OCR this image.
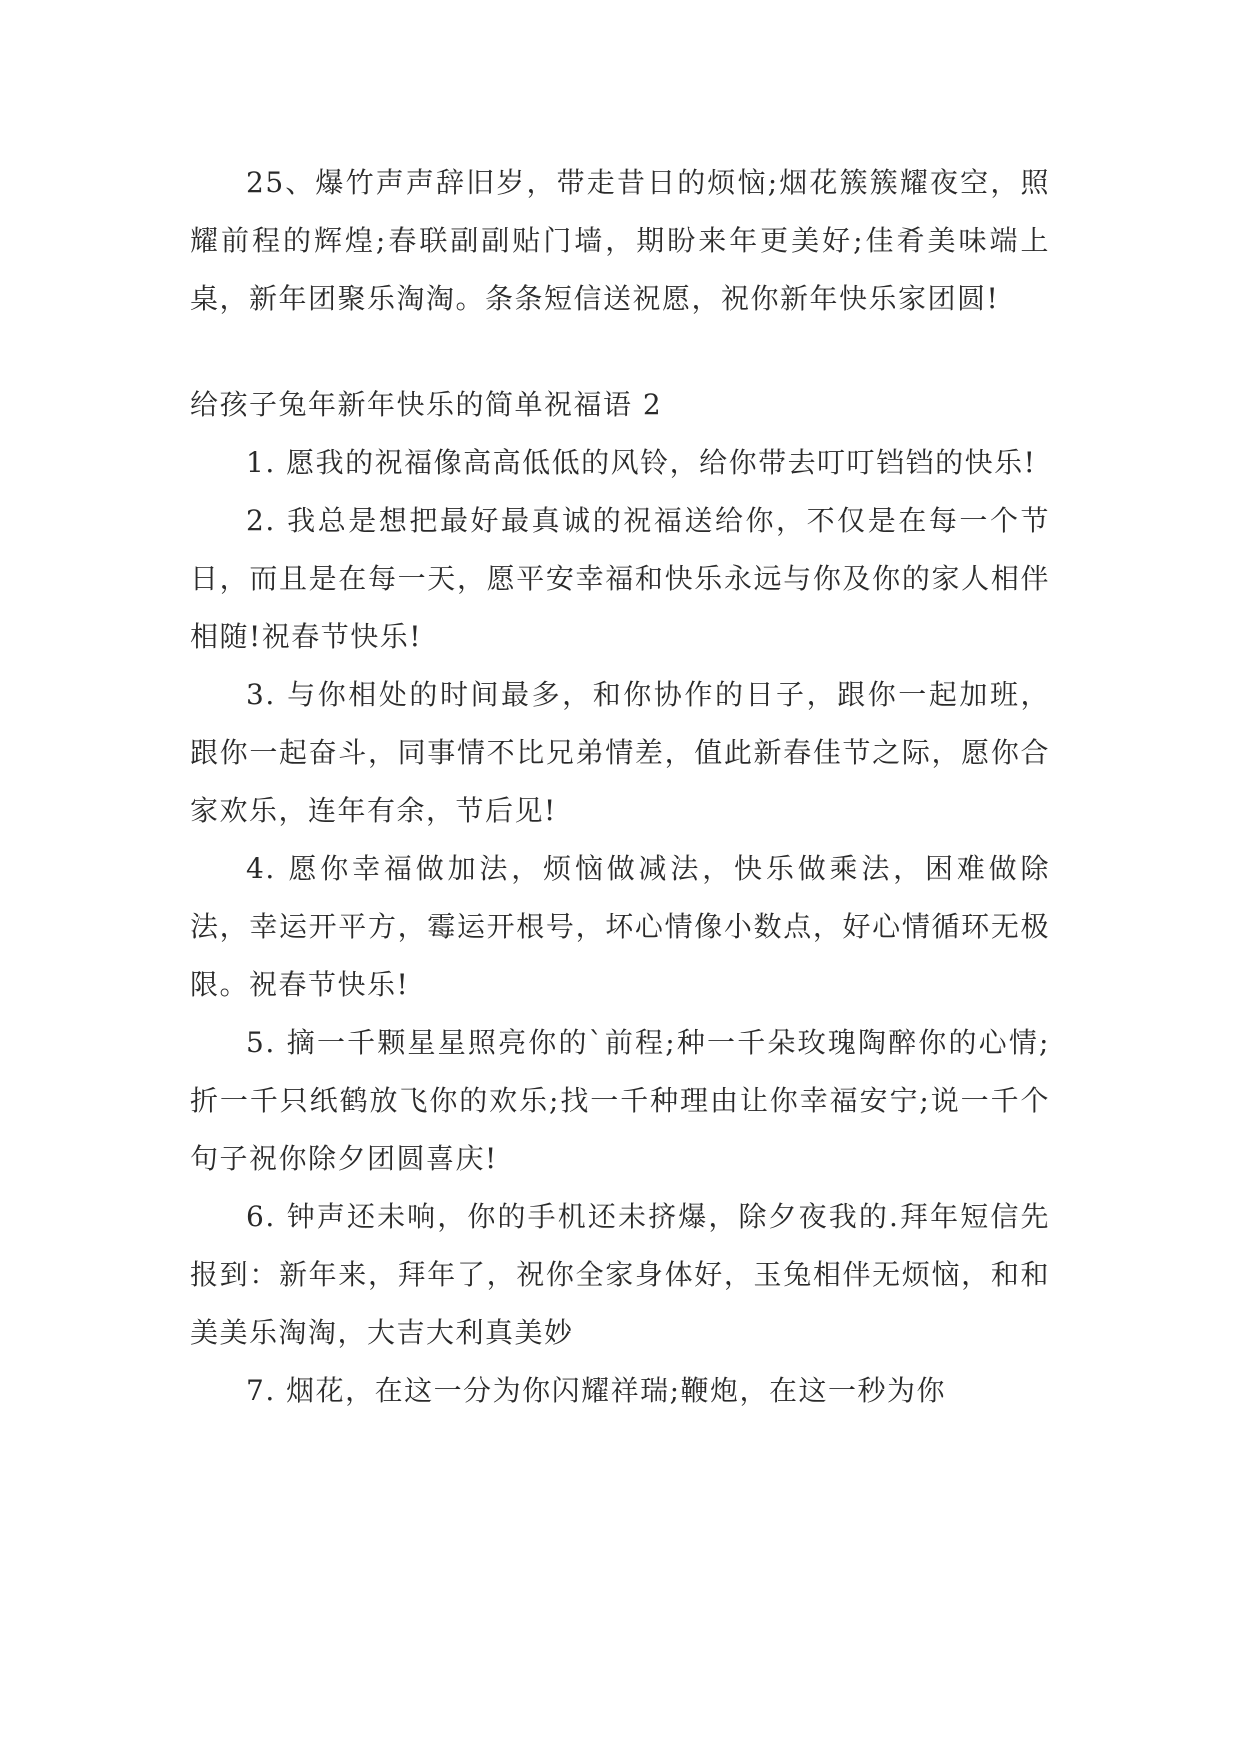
25、爆竹声声辞旧岁，带走昔日的烦恼;烟花簇簇耀夜空，照耀前程的辉煌;春联副副贴门墙，期盼来年更美好;佳肴美味端上桌，新年团聚乐淘淘。条条短信送祝愿，祝你新年快乐家团圆!

给孩子兔年新年快乐的简单祝福语 2

1. 愿我的祝福像高高低低的风铃，给你带去叮叮铛铛的快乐!

2. 我总是想把最好最真诚的祝福送给你，不仅是在每一个节日，而且是在每一天，愿平安幸福和快乐永远与你及你的家人相伴相随!祝春节快乐!

3. 与你相处的时间最多，和你协作的日子，跟你一起加班，跟你一起奋斗，同事情不比兄弟情差，值此新春佳节之际，愿你合家欢乐，连年有余，节后见!

4. 愿你幸福做加法，烦恼做减法，快乐做乘法，困难做除法，幸运开平方，霉运开根号，坏心情像小数点，好心情循环无极限。祝春节快乐!

5. 摘一千颗星星照亮你的`前程;种一千朵玫瑰陶醉你的心情; 折一千只纸鹤放飞你的欢乐;找一千种理由让你幸福安宁;说一千个句子祝你除夕团圆喜庆!

6. 钟声还未响，你的手机还未挤爆，除夕夜我的.拜年短信先报到：新年来，拜年了，祝你全家身体好，玉兔相伴无烦恼，和和美美乐淘淘，大吉大利真美妙

7. 烟花，在这一分为你闪耀祥瑞;鞭炮，在这一秒为你
